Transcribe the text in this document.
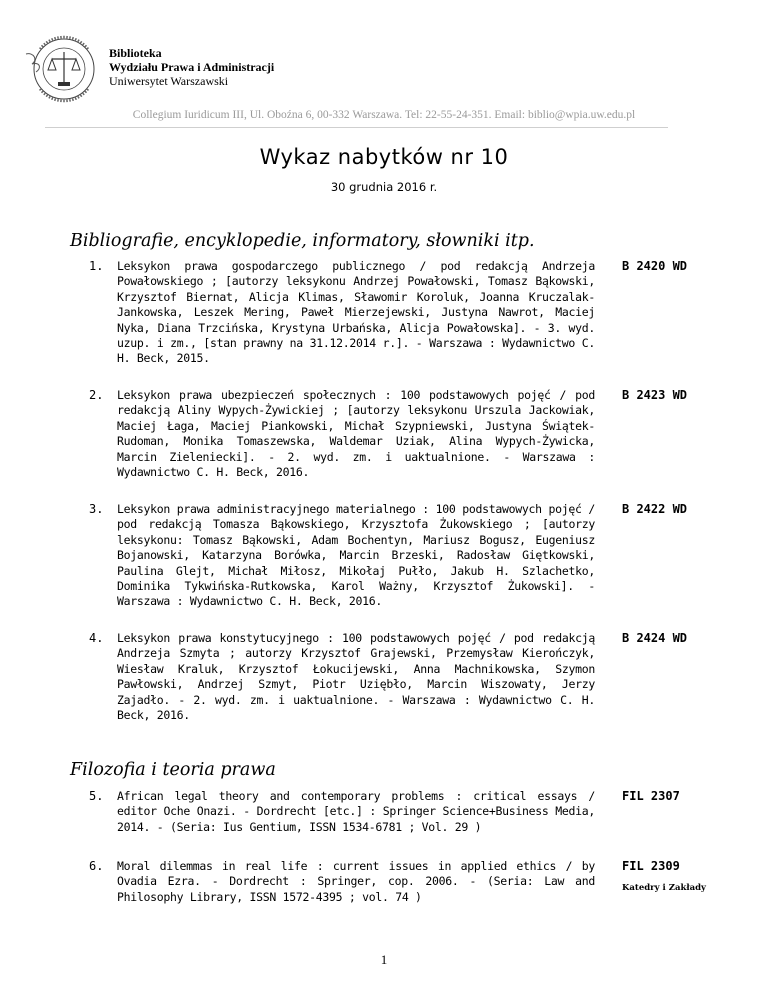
Biblioteka
Wydziału Prawa i Administracji
Uniwersytet Warszawski
Collegium Iuridicum III, Ul. Oboźna 6, 00-332 Warszawa. Tel: 22-55-24-351. Email: biblio@wpia.uw.edu.pl
Wykaz nabytków nr 10
30 grudnia 2016 r.
Bibliografie, encyklopedie, informatory, słowniki itp.
1. Leksykon prawa gospodarczego publicznego / pod redakcją Andrzeja Powałowskiego ; [autorzy leksykonu Andrzej Powałowski, Tomasz Bąkowski, Krzysztof Biernat, Alicja Klimas, Sławomir Koroluk, Joanna Kruczalak-Jankowska, Leszek Mering, Paweł Mierzejewski, Justyna Nawrot, Maciej Nyka, Diana Trzcińska, Krystyna Urbańska, Alicja Powałowska]. - 3. wyd. uzup. i zm., [stan prawny na 31.12.2014 r.]. - Warszawa : Wydawnictwo C. H. Beck, 2015.
B 2420 WD
2. Leksykon prawa ubezpieczeń społecznych : 100 podstawowych pojęć / pod redakcją Aliny Wypych-Żywickiej ; [autorzy leksykonu Urszula Jackowiak, Maciej Łaga, Maciej Piankowski, Michał Szypniewski, Justyna Świątek-Rudoman, Monika Tomaszewska, Waldemar Uziak, Alina Wypych-Żywicka, Marcin Zieleniecki]. - 2. wyd. zm. i uaktualnione. - Warszawa : Wydawnictwo C. H. Beck, 2016.
B 2423 WD
3. Leksykon prawa administracyjnego materialnego : 100 podstawowych pojęć / pod redakcją Tomasza Bąkowskiego, Krzysztofa Żukowskiego ; [autorzy leksykonu: Tomasz Bąkowski, Adam Bochentyn, Mariusz Bogusz, Eugeniusz Bojanowski, Katarzyna Borówka, Marcin Brzeski, Radosław Giętkowski, Paulina Glejt, Michał Miłosz, Mikołaj Pułło, Jakub H. Szlachetko, Dominika Tykwińska-Rutkowska, Karol Ważny, Krzysztof Żukowski]. - Warszawa : Wydawnictwo C. H. Beck, 2016.
B 2422 WD
4. Leksykon prawa konstytucyjnego : 100 podstawowych pojęć / pod redakcją Andrzeja Szmyta ; autorzy Krzysztof Grajewski, Przemysław Kierończyk, Wiesław Kraluk, Krzysztof Łokucijewski, Anna Machnikowska, Szymon Pawłowski, Andrzej Szmyt, Piotr Uziębło, Marcin Wiszowaty, Jerzy Zajadło. - 2. wyd. zm. i uaktualnione. - Warszawa : Wydawnictwo C. H. Beck, 2016.
B 2424 WD
Filozofia i teoria prawa
5. African legal theory and contemporary problems : critical essays / editor Oche Onazi. - Dordrecht [etc.] : Springer Science+Business Media, 2014. - (Seria: Ius Gentium, ISSN 1534-6781 ; Vol. 29 )
FIL 2307
6. Moral dilemmas in real life : current issues in applied ethics / by Ovadia Ezra. - Dordrecht : Springer, cop. 2006. - (Seria: Law and Philosophy Library, ISSN 1572-4395 ; vol. 74 )
FIL 2309
Katedry i Zakłady
1
